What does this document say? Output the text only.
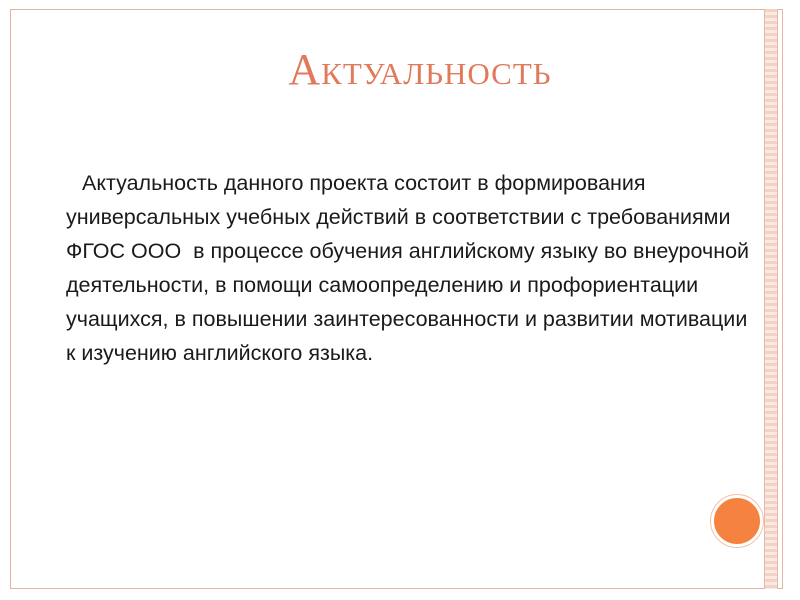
Актуальность
Актуальность данного проекта состоит в формирования универсальных учебных действий в соответствии с требованиями  ФГОС ООО  в процессе обучения английскому языку во внеурочной деятельности, в помощи самоопределению и профориентации учащихся, в повышении заинтересованности и развитии мотивации к изучению английского языка.
